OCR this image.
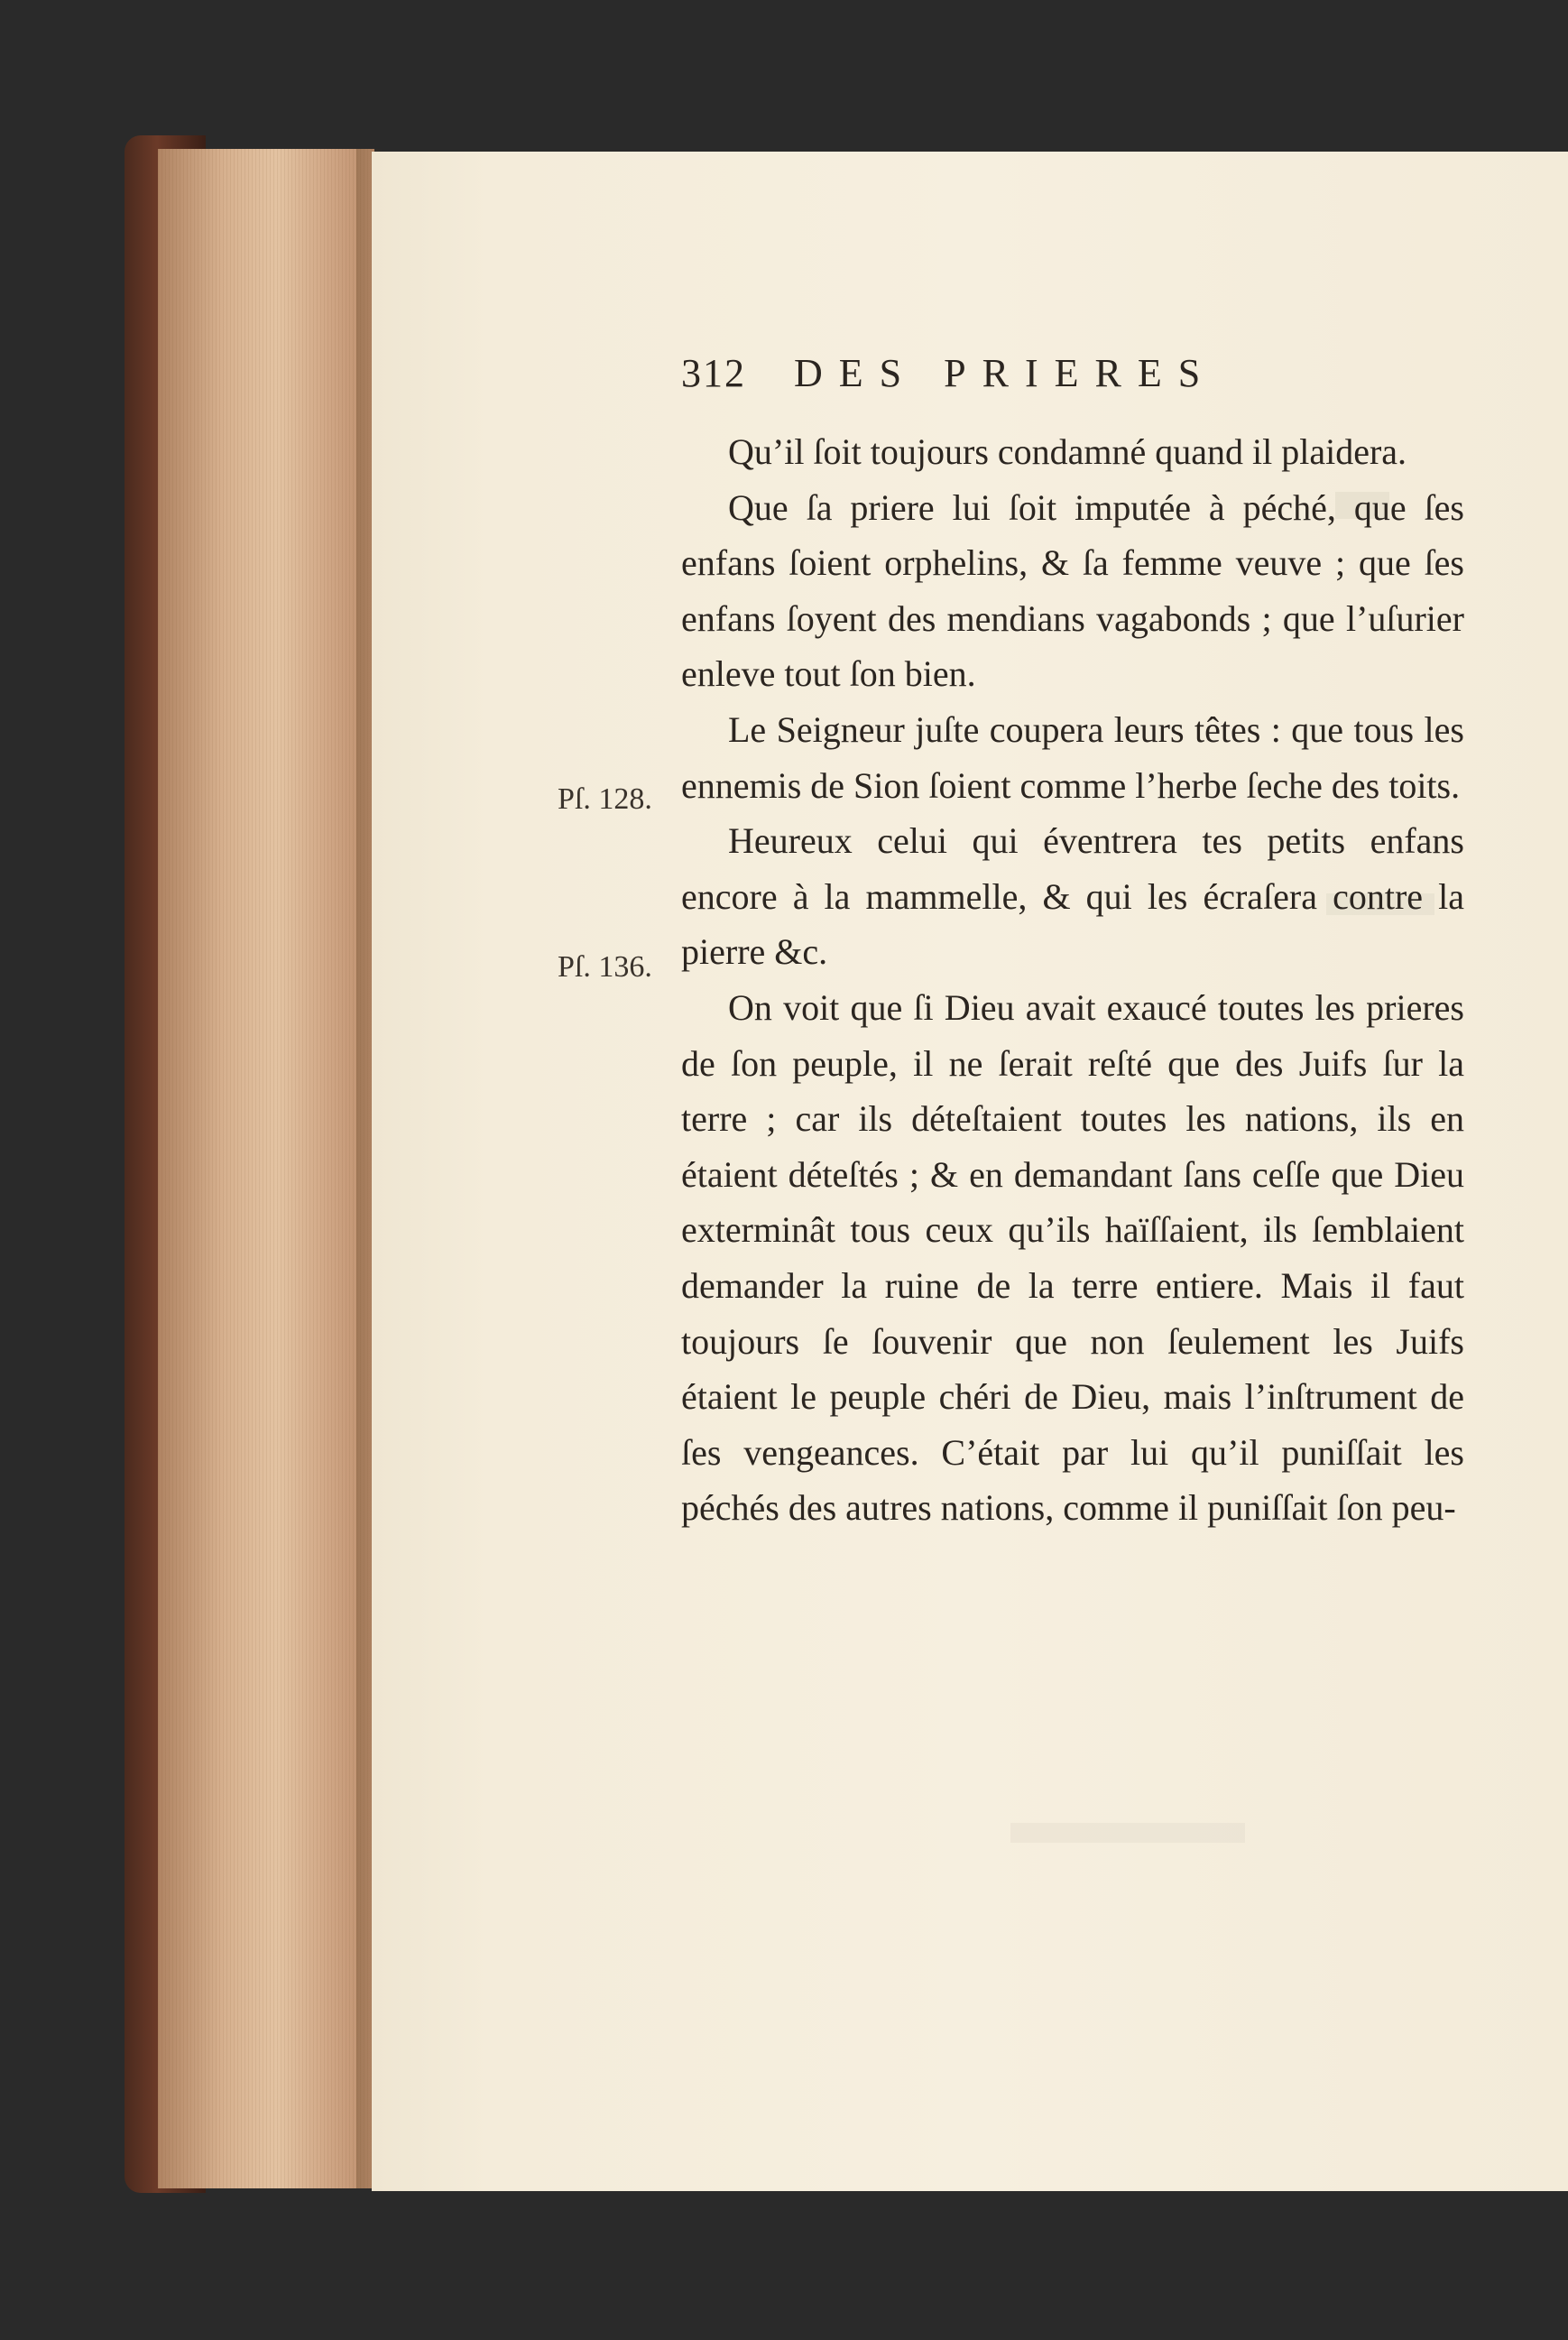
312 DES PRIERES
Pſ. 128.
Pſ. 136.

Qu’il ſoit toujours condamné quand il plaidera.

Que ſa priere lui ſoit imputée à péché, que ſes enfans ſoient orphelins, & ſa femme veuve ; que ſes enfans ſoyent des mendians vagabonds ; que l’uſurier enleve tout ſon bien.

Le Seigneur juſte coupera leurs têtes : que tous les ennemis de Sion ſoient comme l’herbe ſeche des toits.

Heureux celui qui éventrera tes petits enfans encore à la mammelle, & qui les écraſera contre la pierre &c.

On voit que ſi Dieu avait exaucé toutes les prieres de ſon peuple, il ne ſerait reſté que des Juifs ſur la terre ; car ils déteſtaient toutes les nations, ils en étaient déteſtés ; & en demandant ſans ceſſe que Dieu exterminât tous ceux qu’ils haïſſaient, ils ſemblaient demander la ruine de la terre entiere. Mais il faut toujours ſe ſouvenir que non ſeulement les Juifs étaient le peuple chéri de Dieu, mais l’inſtrument de ſes vengeances. C’était par lui qu’il puniſſait les péchés des autres nations, comme il puniſſait ſon peu-
